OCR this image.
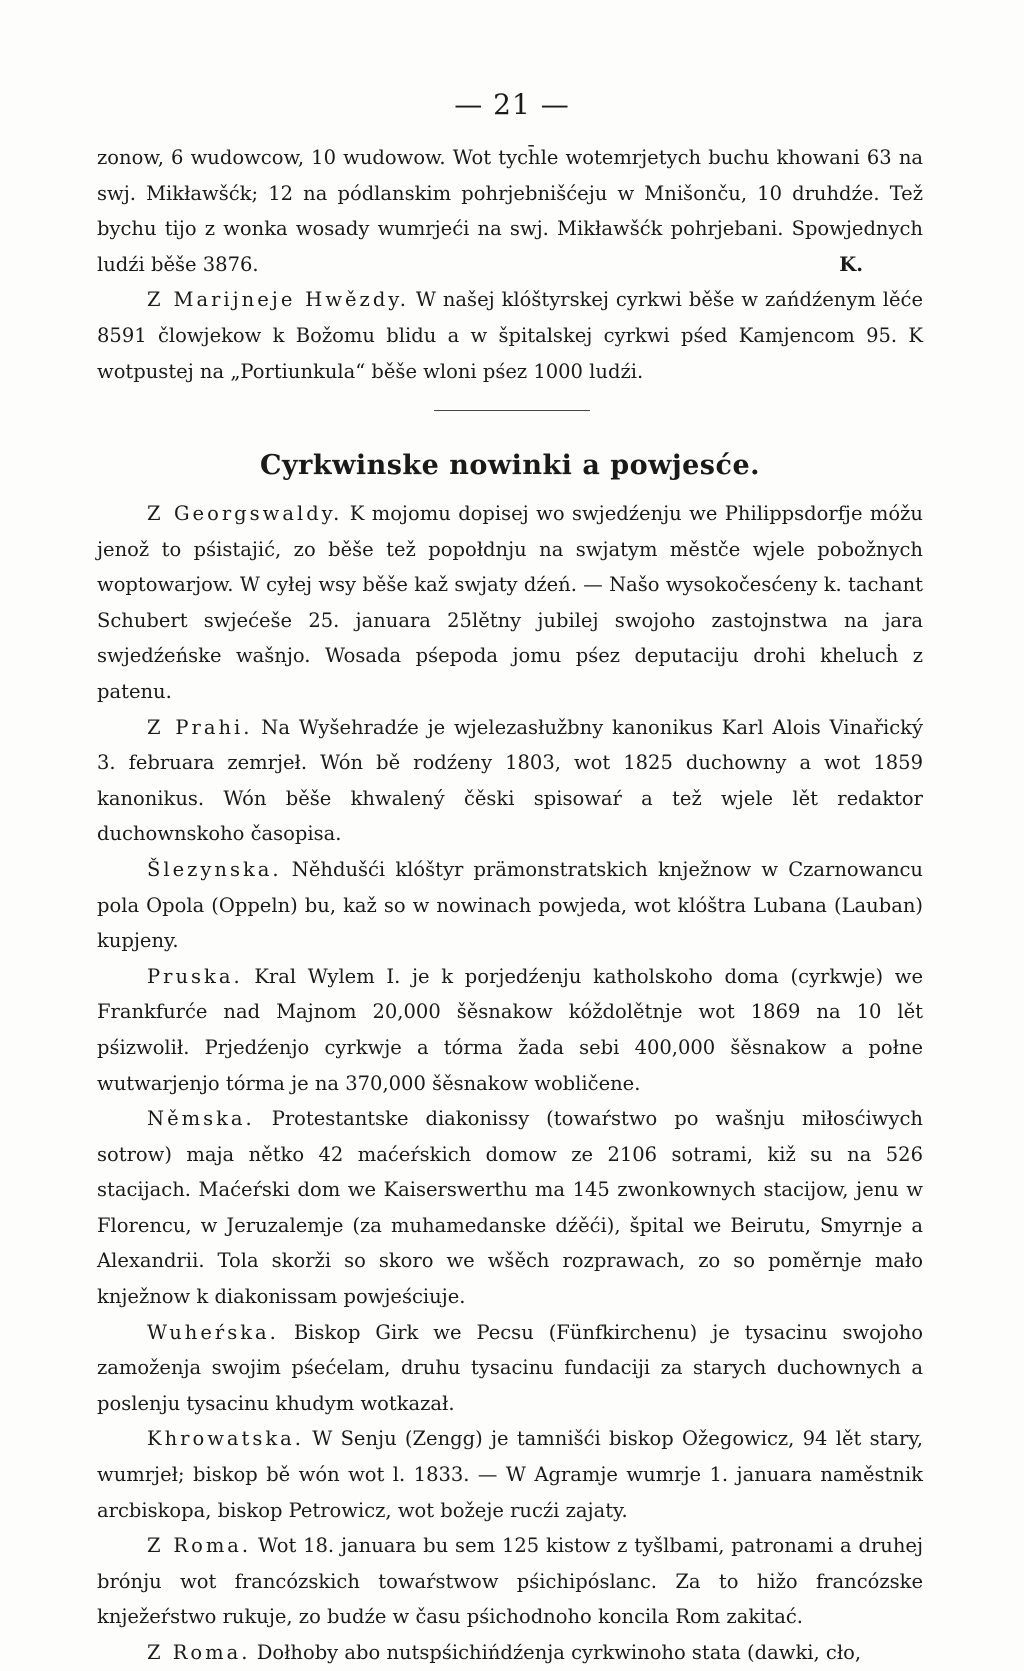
— 21 —

zonow, 6 wudowcow, 10 wudowow. Wot tych̄le wotemrjetych buchu khowani 63 na swj. Mikławšćk; 12 na pódlanskim pohrjebnišćeju w Mnišonču, 10 druhdźe. Tež bychu tijo z wonka wosady wumrjeći na swj. Mikławšćk pohrjebani. Spowjednych ludźi běše 3876.	K.

Z Marijneje Hwězdy. W našej klóštyrskej cyrkwi běše w zańdźenym lěće 8591 člowjekow k Božomu blidu a w špitalskej cyrkwi pśed Kamjencom 95. K wotpustej na „Portiunkula“ běše wloni pśez 1000 ludźi.

Cyrkwinske nowinki a powjesće.

Z Georgswaldy. K mojomu dopisej wo swjedźenju we Philippsdorfje móžu jenož to pśistajić, zo běše tež popołdnju na swjatym městče wjele pobožnych woptowarjow. W cyłej wsy běše kaž swjaty dźeń. — Našo wysokočesćeny k. tachant Schubert swjećeše 25. januara 25lětny jubilej swojoho zastojnstwa na jara swjedźeńske wašnjo. Wosada pśepoda jomu pśez deputaciju drohi khelucḣ z patenu.

Z Prahi. Na Wyšehradźe je wjelezasłužbny kanonikus Karl Alois Vinařický 3. februara zemrjeł. Wón bě rodźeny 1803, wot 1825 duchowny a wot 1859 kanonikus. Wón běše khwalený čěski spisowaŕ a tež wjele lět redaktor duchownskoho časopisa.

Šlezynska. Něhdušći klóštyr prämonstratskich knježnow w Czarnowancu pola Opola (Oppeln) bu, kaž so w nowinach powjeda, wot klóštra Lubana (Lauban) kupjeny.

Pruska. Kral Wylem I. je k porjedźenju katholskoho doma (cyrkwje) we Frankfurće nad Majnom 20,000 šěsnakow kóždolětnje wot 1869 na 10 lět pśizwolił. Prjedźenjo cyrkwje a tórma žada sebi 400,000 šěsnakow a połne wutwarjenjo tórma je na 370,000 šěsnakow wobličene.

Němska. Protestantske diakonissy (towaŕstwo po wašnju miłosćiwych sotrow) maja nětko 42 maćeŕskich domow ze 2106 sotrami, kiž su na 526 stacijach. Maćeŕski dom we Kaiserswerthu ma 145 zwonkownych stacijow, jenu w Florencu, w Jeruzalemje (za muhamedanske dźěći), špital we Beirutu, Smyrnje a Alexandrii. Tola skorži so skoro we wšěch rozprawach, zo so poměrnje mało knježnow k diakonissam powjeściuje.

Wuheŕska. Biskop Girk we Pecsu (Fünfkirchenu) je tysacinu swojoho zamoženja swojim pśećelam, druhu tysacinu fundaciji za starych duchownych a poslenju tysacinu khudym wotkazał.

Khrowatska. W Senju (Zengg) je tamnišći biskop Ožegowicz, 94 lět stary, wumrjeł; biskop bě wón wot l. 1833. — W Agramje wumrje 1. januara naměstnik arcbiskopa, biskop Petrowicz, wot božeje rucźi zajaty.

Z Roma. Wot 18. januara bu sem 125 kistow z tyšlbami, patronami a druhej brónju wot francózskich towaŕstwow pśichipóslanc. Za to hižo francózske knježeŕstwo rukuje, zo budźe w času pśichodnoho koncila Rom zakitać.

Z Roma. Dołhoby abo nutspśichińdźenja cyrkwinoho stata (dawki, cło,
